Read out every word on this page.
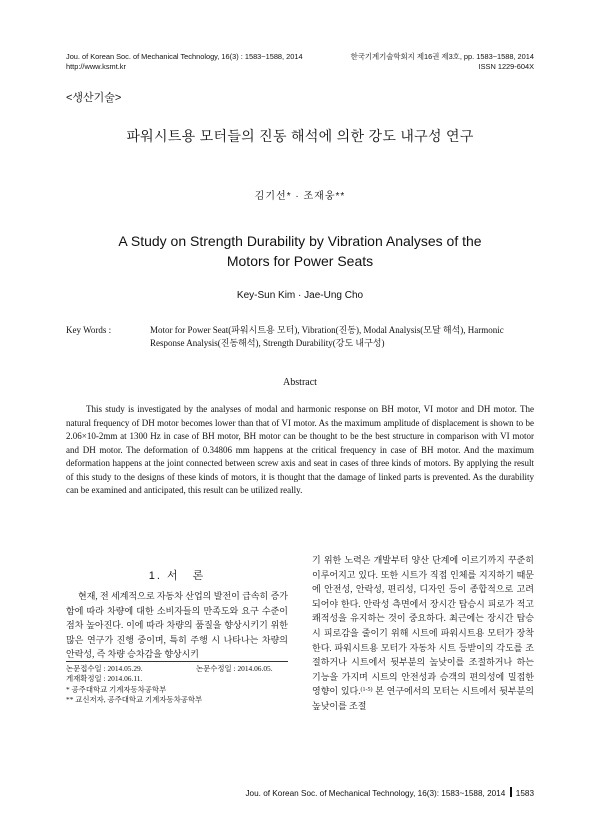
Jou. of Korean Soc. of Mechanical Technology, 16(3) : 1583~1588, 2014
http://www.ksmt.kr
한국기계기술학회지 제16권 제3호, pp. 1583~1588, 2014
ISSN 1229-604X
<생산기술>
파워시트용 모터들의 진동 해석에 의한 강도 내구성 연구
김기선* · 조재웅**
A Study on Strength Durability by Vibration Analyses of the
Motors for Power Seats
Key-Sun Kim · Jae-Ung Cho
Key Words :	Motor for Power Seat(파워시트용 모터), Vibration(진동), Modal Analysis(모달 해석), Harmonic
Response Analysis(진동해석), Strength Durability(강도 내구성)
Abstract

This study is investigated by the analyses of modal and harmonic response on BH motor, VI motor and DH motor. The natural frequency of DH motor becomes lower than that of VI motor. As the maximum amplitude of displacement is shown to be 2.06×10-2mm at 1300 Hz in case of BH motor, BH motor can be thought to be the best structure in comparison with VI motor and DH motor. The deformation of 0.34806 mm happens at the critical frequency in case of BH motor. And the maximum deformation happens at the joint connected between screw axis and seat in cases of three kinds of motors. By applying the result of this study to the designs of these kinds of motors, it is thought that the damage of linked parts is prevented. As the durability can be examined and anticipated, this result can be utilized really.

1. 서　론

현재, 전 세계적으로 자동차 산업의 발전이 급속히 증가함에 따라 차량에 대한 소비자들의 만족도와 요구 수준이 점차 높아진다. 이에 따라 차량의 품질을 향상시키기 위한 많은 연구가 진행 중이며, 특히 주행 시 나타나는 차량의 안락성, 즉 차량 승차감을 향상시키

기 위한 노력은 개발부터 양산 단계에 이르기까지 꾸준히 이루어지고 있다. 또한 시트가 직접 인체를 지지하기 때문에 안전성, 안락성, 편리성, 디자인 등이 종합적으로 고려되어야 한다. 안락성 측면에서 장시간 탑승시 피로가 적고 쾌적성을 유지하는 것이 중요하다. 최근에는 장시간 탑승시 피로감을 줄이기 위해 시트에 파워시트용 모터가 장착한다. 파워시트용 모터가 자동차 시트 등받이의 각도를 조절하거나 시트에서 뒷부분의 높낮이를 조절하거나 하는 기능을 가지며 시트의 안전성과 승객의 편의성에 밀접한 영향이 있다.$^{(1-5)}$ 본 연구에서의 모터는 시트에서 뒷부분의 높낮이를 조절

논문접수일 : 2014.05.29.	논문수정일 : 2014.06.05.
게재확정일 : 2014.06.11.
* 공주대학교 기계자동차공학부
** 교신저자, 공주대학교 기계자동차공학부
Jou. of Korean Soc. of Mechanical Technology, 16(3): 1583~1588, 2014 1583
